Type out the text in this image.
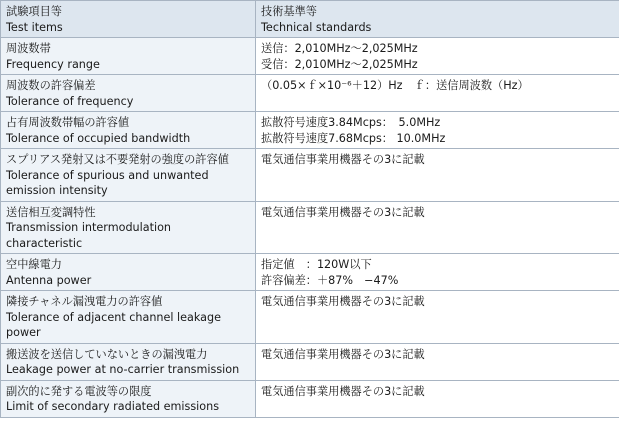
試験項目等
Test items	技術基準等
Technical standards

周波数帯
Frequency range	送信：2,010MHz～2,025MHz
受信：2,010MHz～2,025MHz

周波数の許容偏差
Tolerance of frequency	（0.05×ｆ×10⁻⁶＋12）Hz　ｆ：送信周波数（Hz）

占有周波数帯幅の許容値
Tolerance of occupied bandwidth	拡散符号速度3.84Mcps：　5.0MHz
拡散符号速度7.68Mcps： 10.0MHz

スプリアス発射又は不要発射の強度の許容値
Tolerance of spurious and unwanted
emission intensity	電気通信事業用機器その3に記載

送信相互変調特性
Transmission intermodulation
characteristic	電気通信事業用機器その3に記載

空中線電力
Antenna power	指定値　：120W以下
許容偏差：＋87%　−47%

隣接チャネル漏洩電力の許容値
Tolerance of adjacent channel leakage
power	電気通信事業用機器その3に記載

搬送波を送信していないときの漏洩電力
Leakage power at no-carrier transmission	電気通信事業用機器その3に記載

副次的に発する電波等の限度
Limit of secondary radiated emissions	電気通信事業用機器その3に記載
